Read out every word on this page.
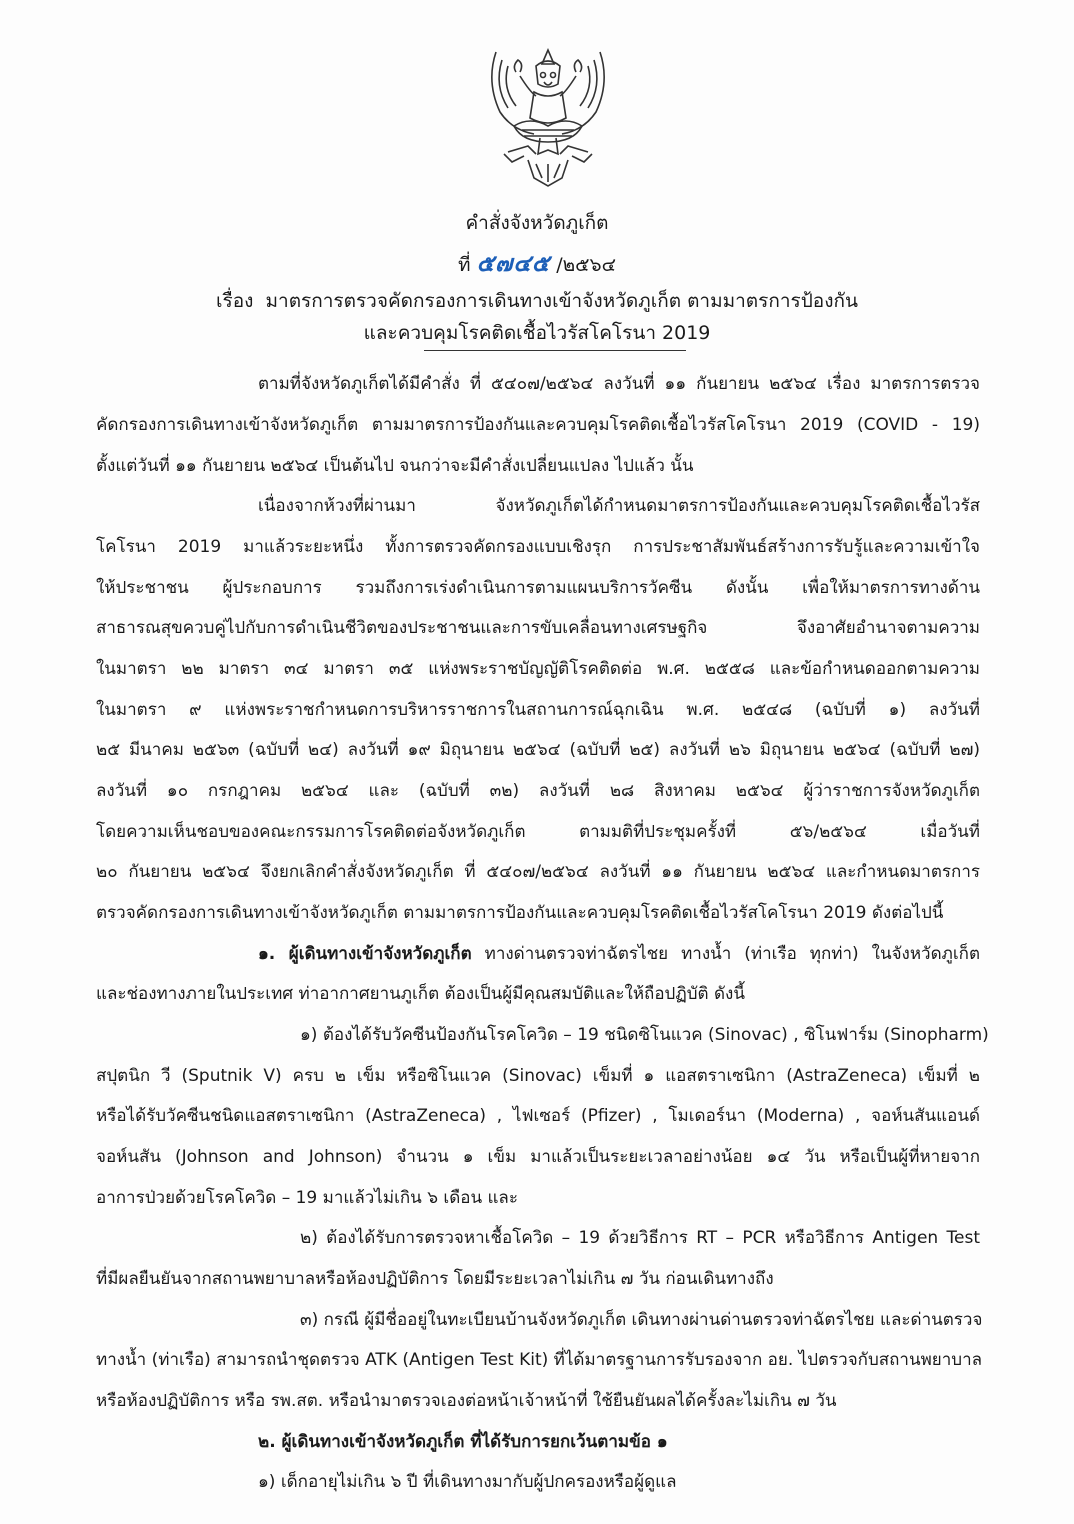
คำสั่งจังหวัดภูเก็ต
ที่ ๕๗๔๕ /๒๕๖๔
เรื่อง มาตรการตรวจคัดกรองการเดินทางเข้าจังหวัดภูเก็ต ตามมาตรการป้องกัน
และควบคุมโรคติดเชื้อไวรัสโคโรนา 2019
ตามที่จังหวัดภูเก็ตได้มีคำสั่ง ที่ ๕๔๐๗/๒๕๖๔ ลงวันที่ ๑๑ กันยายน ๒๕๖๔ เรื่อง มาตรการตรวจ
คัดกรองการเดินทางเข้าจังหวัดภูเก็ต ตามมาตรการป้องกันและควบคุมโรคติดเชื้อไวรัสโคโรนา 2019 (COVID - 19)
ตั้งแต่วันที่ ๑๑ กันยายน ๒๕๖๔ เป็นต้นไป จนกว่าจะมีคำสั่งเปลี่ยนแปลง ไปแล้ว นั้น
เนื่องจากห้วงที่ผ่านมา จังหวัดภูเก็ตได้กำหนดมาตรการป้องกันและควบคุมโรคติดเชื้อไวรัส
โคโรนา 2019 มาแล้วระยะหนึ่ง ทั้งการตรวจคัดกรองแบบเชิงรุก การประชาสัมพันธ์สร้างการรับรู้และความเข้าใจ
ให้ประชาชน ผู้ประกอบการ รวมถึงการเร่งดำเนินการตามแผนบริการวัคซีน ดังนั้น เพื่อให้มาตรการทางด้าน
สาธารณสุขควบคู่ไปกับการดำเนินชีวิตของประชาชนและการขับเคลื่อนทางเศรษฐกิจ จึงอาศัยอำนาจตามความ
ในมาตรา ๒๒ มาตรา ๓๔ มาตรา ๓๕ แห่งพระราชบัญญัติโรคติดต่อ พ.ศ. ๒๕๕๘ และข้อกำหนดออกตามความ
ในมาตรา ๙ แห่งพระราชกำหนดการบริหารราชการในสถานการณ์ฉุกเฉิน พ.ศ. ๒๕๔๘ (ฉบับที่ ๑) ลงวันที่
๒๕ มีนาคม ๒๕๖๓ (ฉบับที่ ๒๔) ลงวันที่ ๑๙ มิถุนายน ๒๕๖๔ (ฉบับที่ ๒๕) ลงวันที่ ๒๖ มิถุนายน ๒๕๖๔ (ฉบับที่ ๒๗)
ลงวันที่ ๑๐ กรกฎาคม ๒๕๖๔ และ (ฉบับที่ ๓๒) ลงวันที่ ๒๘ สิงหาคม ๒๕๖๔ ผู้ว่าราชการจังหวัดภูเก็ต
โดยความเห็นชอบของคณะกรรมการโรคติดต่อจังหวัดภูเก็ต ตามมติที่ประชุมครั้งที่ ๕๖/๒๕๖๔ เมื่อวันที่
๒๐ กันยายน ๒๕๖๔ จึงยกเลิกคำสั่งจังหวัดภูเก็ต ที่ ๕๔๐๗/๒๕๖๔ ลงวันที่ ๑๑ กันยายน ๒๕๖๔ และกำหนดมาตรการ
ตรวจคัดกรองการเดินทางเข้าจังหวัดภูเก็ต ตามมาตรการป้องกันและควบคุมโรคติดเชื้อไวรัสโคโรนา 2019 ดังต่อไปนี้
๑. ผู้เดินทางเข้าจังหวัดภูเก็ต ทางด่านตรวจท่าฉัตรไชย ทางน้ำ (ท่าเรือ ทุกท่า) ในจังหวัดภูเก็ต
และช่องทางภายในประเทศ ท่าอากาศยานภูเก็ต ต้องเป็นผู้มีคุณสมบัติและให้ถือปฏิบัติ ดังนี้
๑) ต้องได้รับวัคซีนป้องกันโรคโควิด – 19 ชนิดซิโนแวค (Sinovac) , ซิโนฟาร์ม (Sinopharm)
สปุตนิก วี (Sputnik V) ครบ ๒ เข็ม หรือซิโนแวค (Sinovac) เข็มที่ ๑ แอสตราเซนิกา (AstraZeneca) เข็มที่ ๒
หรือได้รับวัคซีนชนิดแอสตราเซนิกา (AstraZeneca) , ไฟเซอร์ (Pfizer) , โมเดอร์นา (Moderna) , จอห์นสันแอนด์
จอห์นสัน (Johnson and Johnson) จำนวน ๑ เข็ม มาแล้วเป็นระยะเวลาอย่างน้อย ๑๔ วัน หรือเป็นผู้ที่หายจาก
อาการป่วยด้วยโรคโควิด – 19 มาแล้วไม่เกิน ๖ เดือน และ
๒) ต้องได้รับการตรวจหาเชื้อโควิด – 19 ด้วยวิธีการ RT – PCR หรือวิธีการ Antigen Test
ที่มีผลยืนยันจากสถานพยาบาลหรือห้องปฏิบัติการ โดยมีระยะเวลาไม่เกิน ๗ วัน ก่อนเดินทางถึง
๓) กรณี ผู้มีชื่ออยู่ในทะเบียนบ้านจังหวัดภูเก็ต เดินทางผ่านด่านตรวจท่าฉัตรไชย และด่านตรวจ
ทางน้ำ (ท่าเรือ) สามารถนำชุดตรวจ ATK (Antigen Test Kit) ที่ได้มาตรฐานการรับรองจาก อย. ไปตรวจกับสถานพยาบาล
หรือห้องปฏิบัติการ หรือ รพ.สต. หรือนำมาตรวจเองต่อหน้าเจ้าหน้าที่ ใช้ยืนยันผลได้ครั้งละไม่เกิน ๗ วัน
๒. ผู้เดินทางเข้าจังหวัดภูเก็ต ที่ได้รับการยกเว้นตามข้อ ๑
๑) เด็กอายุไม่เกิน ๖ ปี ที่เดินทางมากับผู้ปกครองหรือผู้ดูแล
